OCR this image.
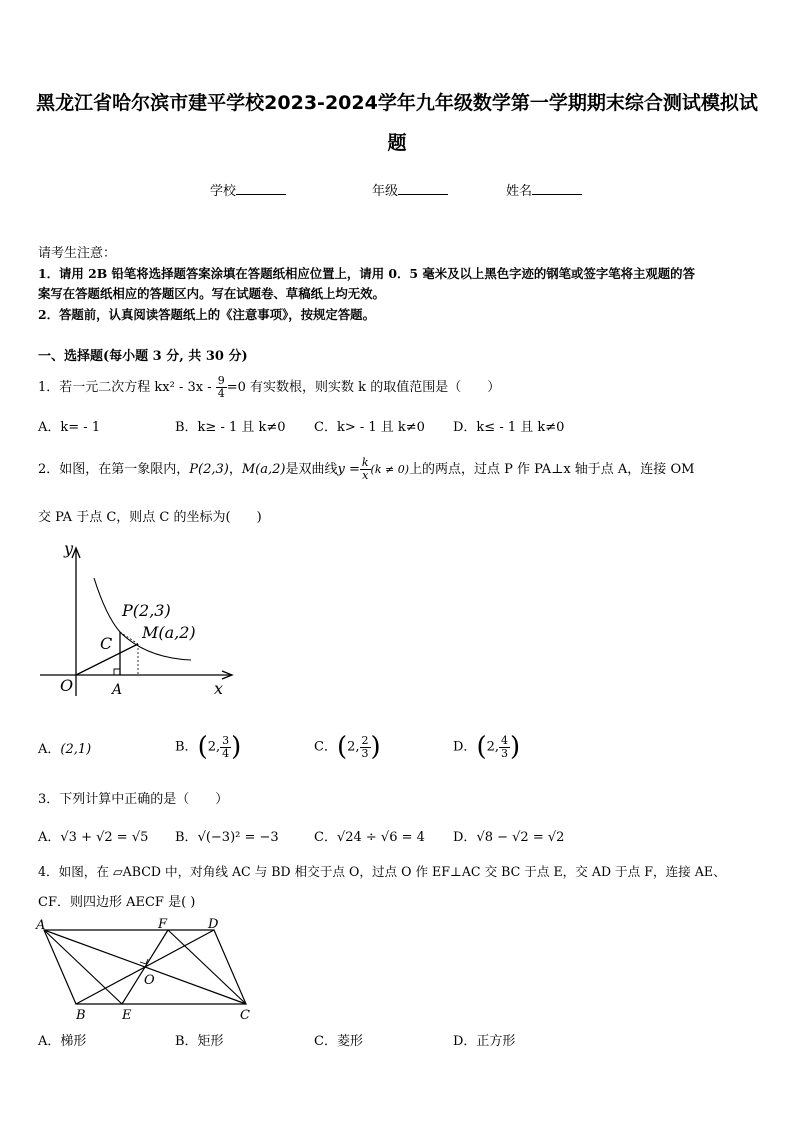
黑龙江省哈尔滨市建平学校2023-2024学年九年级数学第一学期期末综合测试模拟试
题
学校	年级	姓名
请考生注意：
1．请用 2B 铅笔将选择题答案涂填在答题纸相应位置上，请用 0．5 毫米及以上黑色字迹的钢笔或签字笔将主观题的答
案写在答题纸相应的答题区内。写在试题卷、草稿纸上均无效。
2．答题前，认真阅读答题纸上的《注意事项》，按规定答题。
一、选择题(每小题 3 分, 共 30 分)
1．若一元二次方程 $kx^2 - 3x - \frac{9}{4} =0$ 有实数根，则实数 k 的取值范围是（　　）
A．k= - 1	B．k≥ - 1 且 k≠0 C．k> - 1 且 k≠0 D．k≤ - 1 且 k≠0
2．如图，在第一象限内，P(2,3)，M(a,2)是双曲线$y = \frac{k}{x} (k \ne 0)$上的两点，过点 P 作 PA⊥x 轴于点 A，连接 OM
交 PA 于点 C，则点 C 的坐标为(　　)
y
x
O	A
C
P(2,3)
M(a,2)
A．(2,1)	B．(2, $\frac{3}{4}$ )	C．(2, $\frac{2}{3}$ )	D．(2, $\frac{4}{3}$ )
3．下列计算中正确的是（　　）
A．√3 + √2 = √5 B．√(−3)² = −3	C．√24 ÷ √6 = 4 D．√8 − √2 = √2
4．如图，在 ▱ABCD 中，对角线 AC 与 BD 相交于点 O，过点 O 作 EF⊥AC 交 BC 于点 E，交 AD 于点 F，连接 AE、
CF．则四边形 AECF 是( )
A	F	D
O
B	E	C
A．梯形	B．矩形	C．菱形	D．正方形
